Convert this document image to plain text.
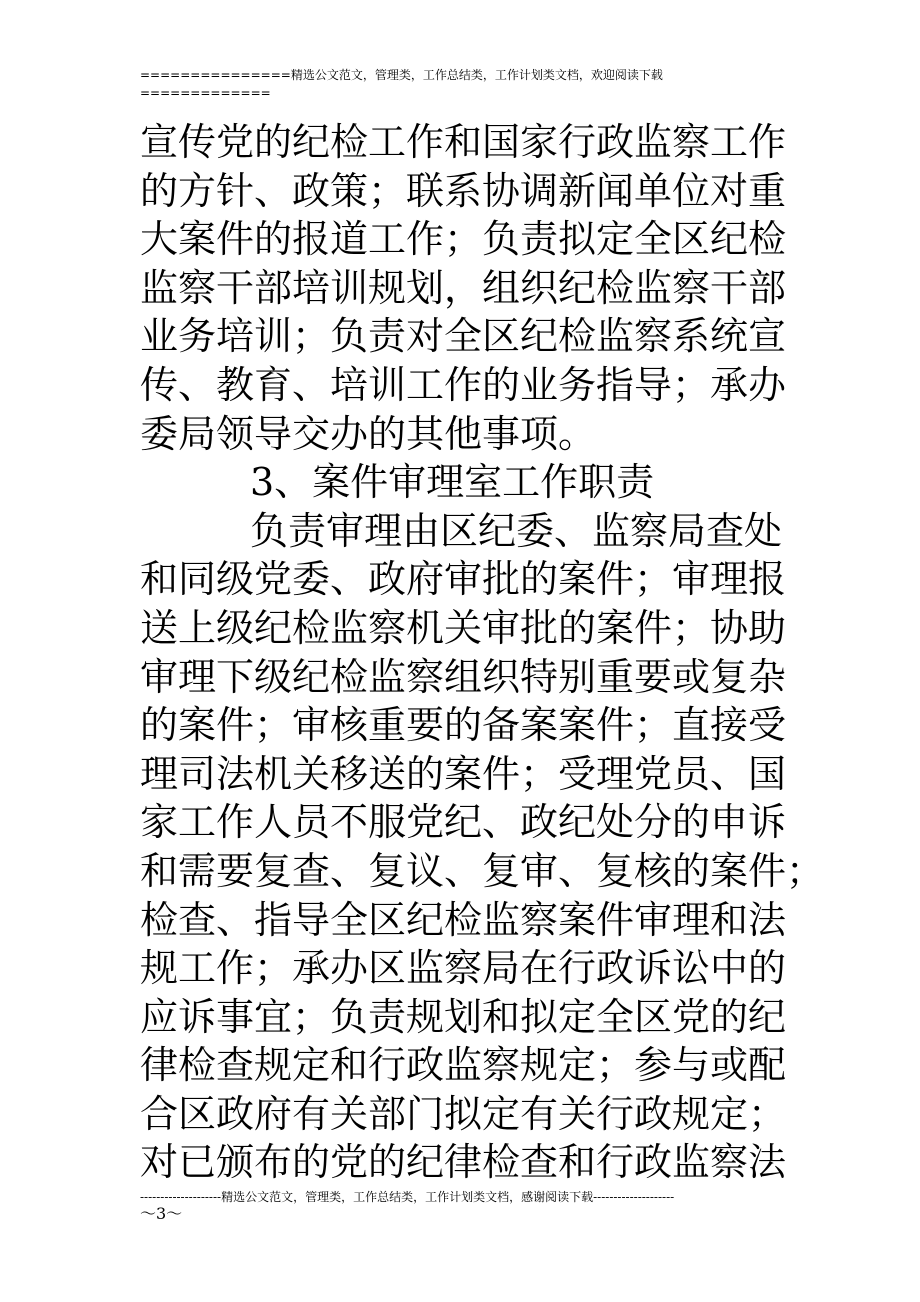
===============精选公文范文，管理类，工作总结类，工作计划类文档，欢迎阅读下载
=============
宣传党的纪检工作和国家行政监察工作
的方针、政策；联系协调新闻单位对重
大案件的报道工作；负责拟定全区纪检
监察干部培训规划，组织纪检监察干部
业务培训；负责对全区纪检监察系统宣
传、教育、培训工作的业务指导；承办
委局领导交办的其他事项。
3、案件审理室工作职责
负责审理由区纪委、监察局查处
和同级党委、政府审批的案件；审理报
送上级纪检监察机关审批的案件；协助
审理下级纪检监察组织特别重要或复杂
的案件；审核重要的备案案件；直接受
理司法机关移送的案件；受理党员、国
家工作人员不服党纪、政纪处分的申诉
和需要复查、复议、复审、复核的案件；
检查、指导全区纪检监察案件审理和法
规工作；承办区监察局在行政诉讼中的
应诉事宜；负责规划和拟定全区党的纪
律检查规定和行政监察规定；参与或配
合区政府有关部门拟定有关行政规定；
对已颁布的党的纪律检查和行政监察法
--------------------精选公文范文，管理类，工作总结类，工作计划类文档，感谢阅读下载--------------------
～3～
